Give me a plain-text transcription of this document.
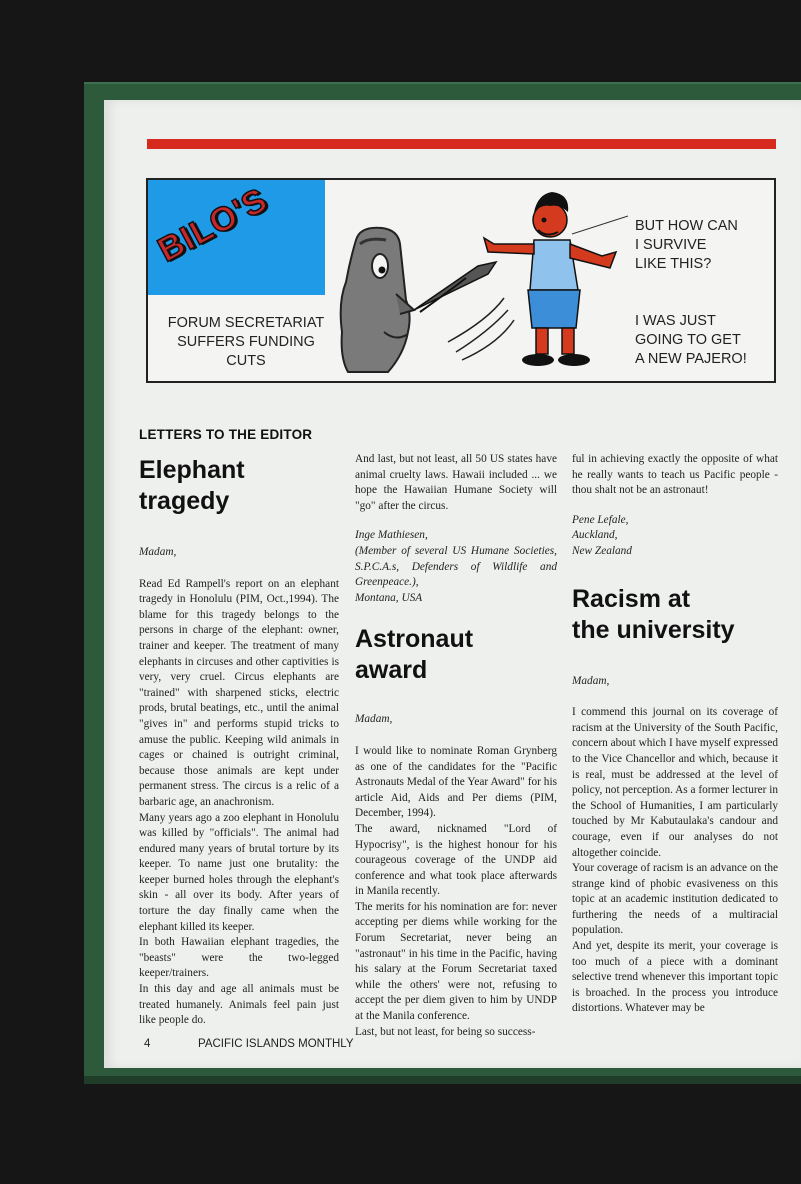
BILO'S
FORUM SECRETARIAT
SUFFERS FUNDING CUTS

BUT HOW CAN
I SURVIVE
LIKE THIS?

I WAS JUST
GOING TO GET
A NEW PAJERO!

LETTERS TO THE EDITOR

Elephant

tragedy

Madam,

Read Ed Rampell's report on an elephant tragedy in Honolulu (PIM, Oct.,1994). The blame for this tragedy belongs to the persons in charge of the elephant: owner, trainer and keeper. The treatment of many elephants in circuses and other captivities is very, very cruel. Circus elephants are "trained" with sharpened sticks, electric prods, brutal beatings, etc., until the animal "gives in" and performs stupid tricks to amuse the public. Keeping wild animals in cages or chained is outright criminal, because those animals are kept under permanent stress. The circus is a relic of a barbaric age, an anachronism.

Many years ago a zoo elephant in Honolulu was killed by "officials". The animal had endured many years of brutal torture by its keeper. To name just one brutality: the keeper burned holes through the elephant's skin - all over its body. After years of torture the day finally came when the elephant killed its keeper.

In both Hawaiian elephant tragedies, the "beasts" were the two-legged keeper/trainers.

In this day and age all animals must be treated humanely. Animals feel pain just like people do.

And last, but not least, all 50 US states have animal cruelty laws. Hawaii included ... we hope the Hawaiian Humane Society will "go" after the circus.

Inge Mathiesen,

(Member of several US Humane Societies, S.P.C.A.s, Defenders of Wildlife and Greenpeace.),

Montana, USA

Astronaut

award

Madam,

I would like to nominate Roman Grynberg as one of the candidates for the "Pacific Astronauts Medal of the Year Award" for his article Aid, Aids and Per diems (PIM, December, 1994).

The award, nicknamed "Lord of Hypocrisy", is the highest honour for his courageous coverage of the UNDP aid conference and what took place afterwards in Manila recently.

The merits for his nomination are for: never accepting per diems while working for the Forum Secretariat, never being an "astronaut" in his time in the Pacific, having his salary at the Forum Secretariat taxed while the others' were not, refusing to accept the per diem given to him by UNDP at the Manila conference.

Last, but not least, for being so success-

ful in achieving exactly the opposite of what he really wants to teach us Pacific people - thou shalt not be an astronaut!

Pene Lefale,

Auckland,

New Zealand

Racism at

the university

Madam,

I commend this journal on its coverage of racism at the University of the South Pacific, concern about which I have myself expressed to the Vice Chancellor and which, because it is real, must be addressed at the level of policy, not perception. As a former lecturer in the School of Humanities, I am particularly touched by Mr Kabutaulaka's candour and courage, even if our analyses do not altogether coincide.

Your coverage of racism is an advance on the strange kind of phobic evasiveness on this topic at an academic institution dedicated to furthering the needs of a multiracial population.

And yet, despite its merit, your coverage is too much of a piece with a dominant selective trend whenever this important topic is broached. In the process you introduce distortions. Whatever may be

4	PACIFIC ISLANDS MONTHLY
